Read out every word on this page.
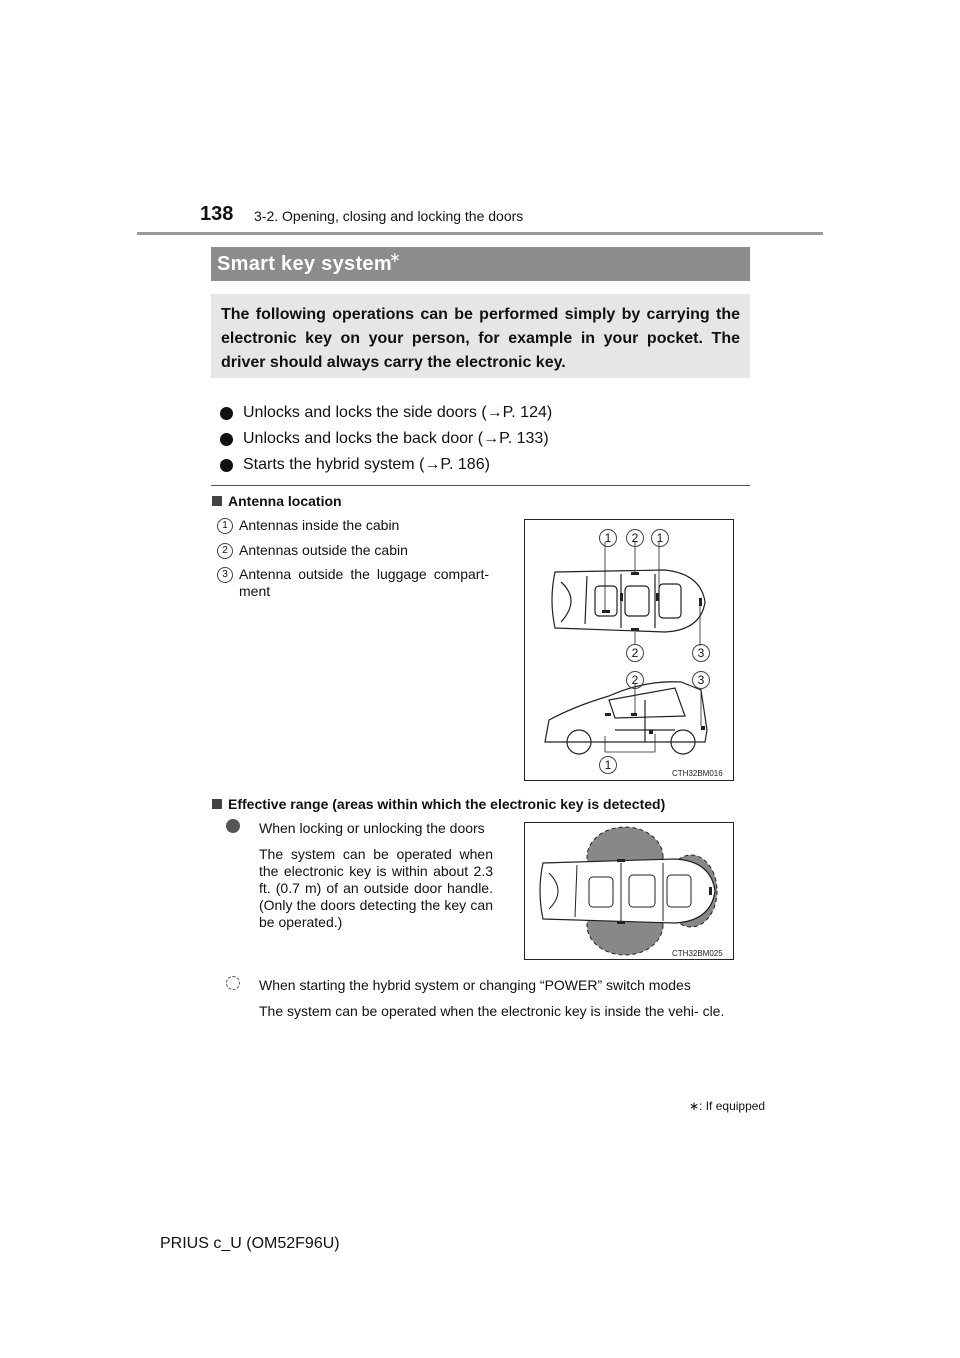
138 3-2. Opening, closing and locking the doors
Smart key system
∗

The following operations can be performed simply by carrying the electronic key on your person, for example in your pocket. The driver should always carry the electronic key.

Unlocks and locks the side doors (→P. 124)
Unlocks and locks the back door (→P. 133)
Starts the hybrid system (→P. 186)
Antenna location
1 Antennas inside the cabin
2 Antennas outside the cabin
3 Antenna outside the luggage compart- ment
1	2	1
2	3
2	3
1
CTH32BM016
Effective range (areas within which the electronic key is detected)
When locking or unlocking the doors
The system can be operated when the electronic key is within about 2.3 ft. (0.7 m) of an outside door handle. (Only the doors detecting the key can be operated.)
CTH32BM025
When starting the hybrid system or changing “POWER” switch modes
The system can be operated when the electronic key is inside the vehi- cle.
∗: If equipped
PRIUS c_U (OM52F96U)
